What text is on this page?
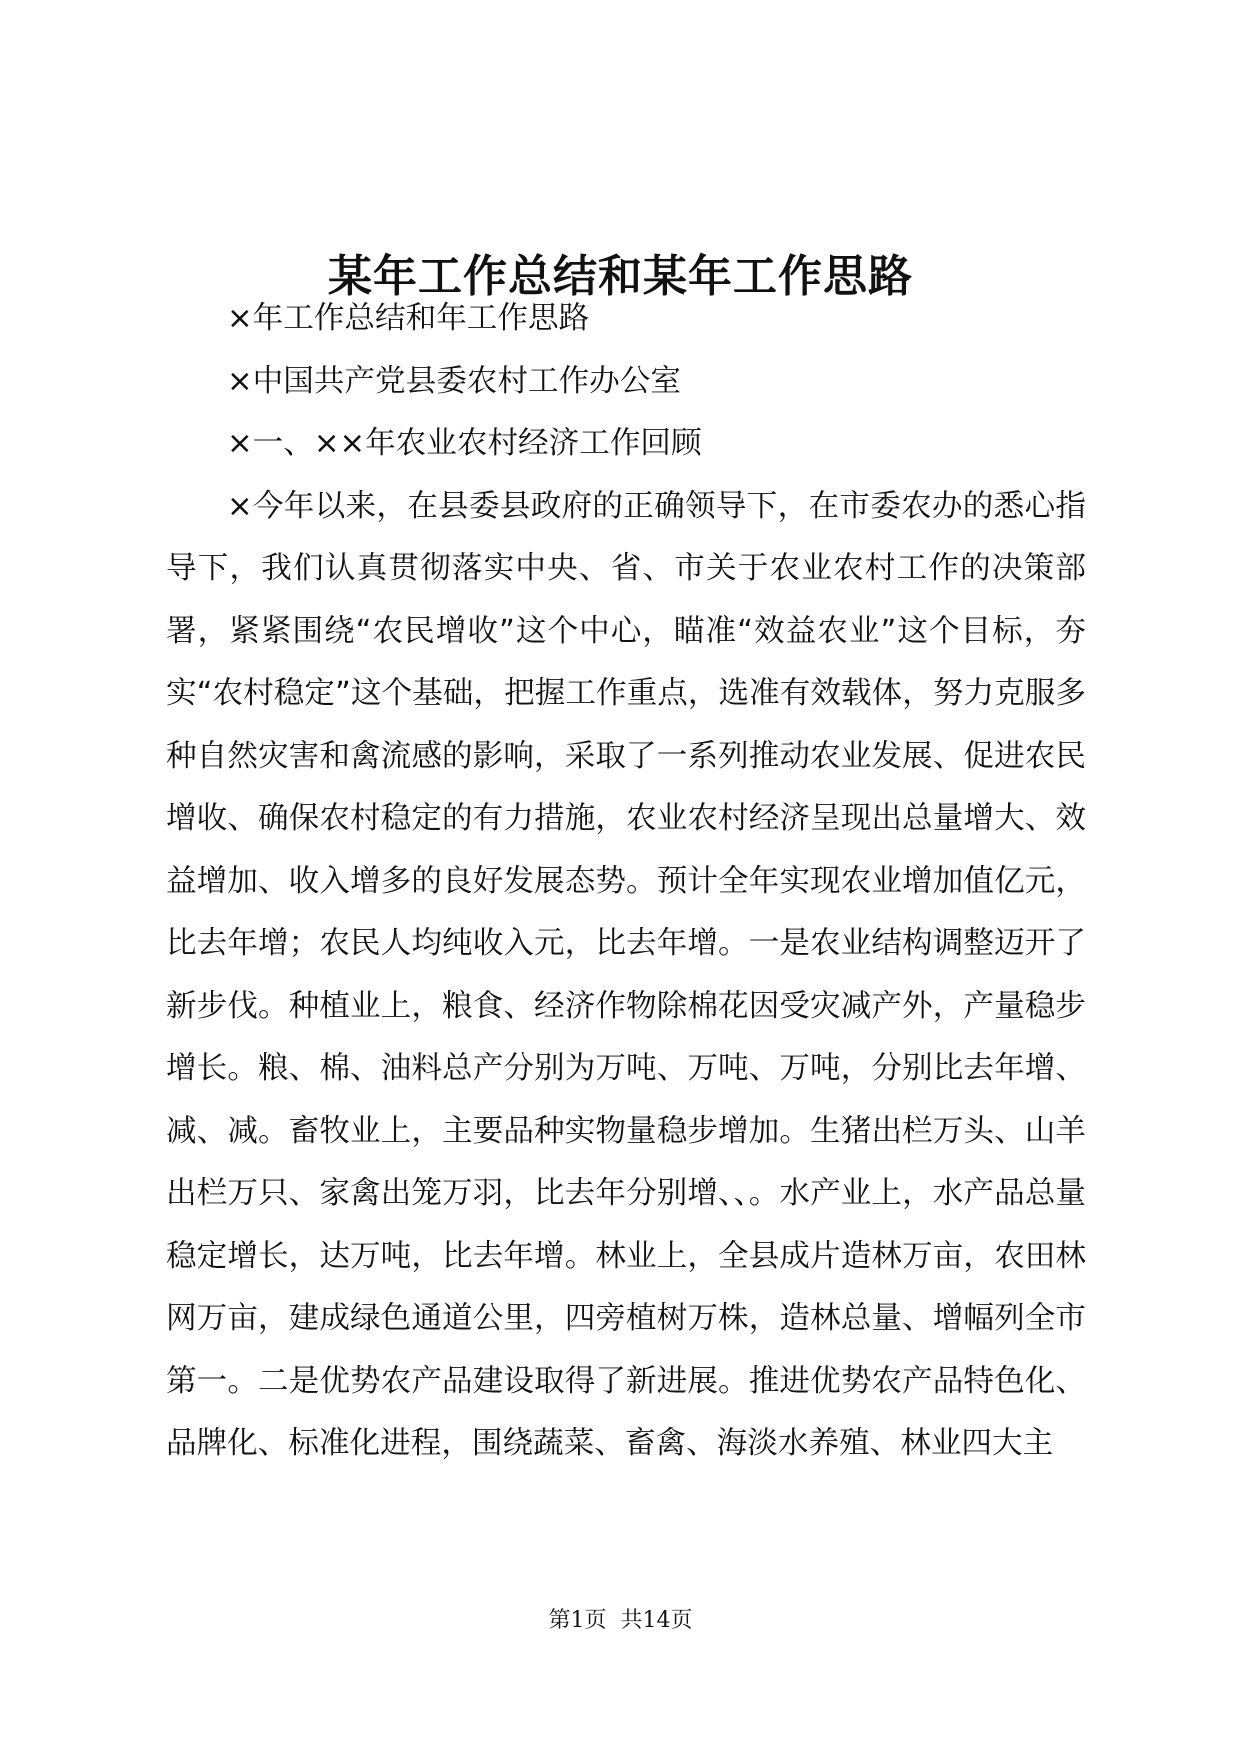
某年工作总结和某年工作思路

×年工作总结和年工作思路

×中国共产党县委农村工作办公室

×一、××年农业农村经济工作回顾

×今年以来，在县委县政府的正确领导下，在市委农办的悉心指导下，我们认真贯彻落实中央、省、市关于农业农村工作的决策部署，紧紧围绕“农民增收”这个中心，瞄准“效益农业”这个目标，夯实“农村稳定”这个基础，把握工作重点，选准有效载体，努力克服多种自然灾害和禽流感的影响，采取了一系列推动农业发展、促进农民增收、确保农村稳定的有力措施，农业农村经济呈现出总量增大、效益增加、收入增多的良好发展态势。预计全年实现农业增加值亿元，比去年增；农民人均纯收入元，比去年增。一是农业结构调整迈开了新步伐。种植业上，粮食、经济作物除棉花因受灾减产外，产量稳步增长。粮、棉、油料总产分别为万吨、万吨、万吨，分别比去年增、减、减。畜牧业上，主要品种实物量稳步增加。生猪出栏万头、山羊出栏万只、家禽出笼万羽，比去年分别增、、。水产业上，水产品总量稳定增长，达万吨，比去年增。林业上，全县成片造林万亩，农田林网万亩，建成绿色通道公里，四旁植树万株，造林总量、增幅列全市第一。二是优势农产品建设取得了新进展。推进优势农产品特色化、品牌化、标准化进程，围绕蔬菜、畜禽、海淡水养殖、林业四大主

第1页  共14页
